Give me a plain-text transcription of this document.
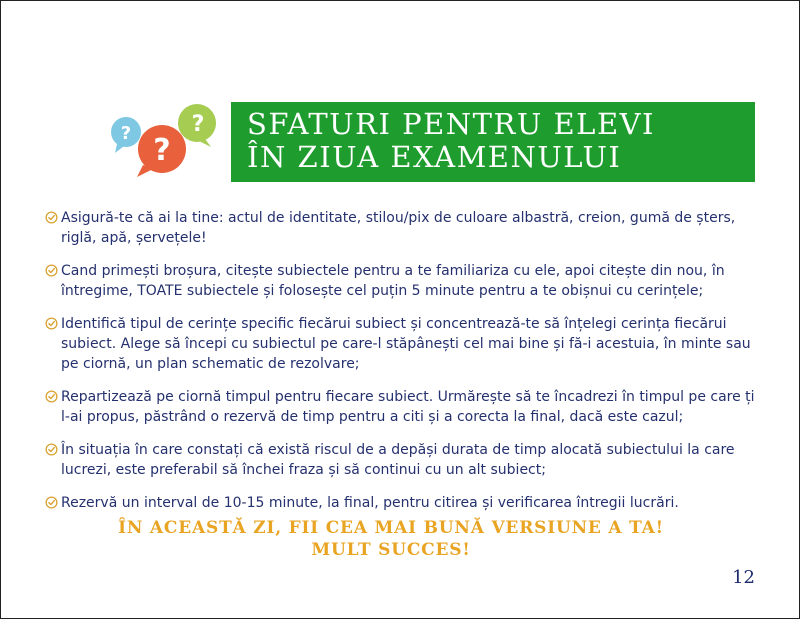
?	?
?
SFATURI PENTRU ELEVI
ÎN ZIUA EXAMENULUI
Asigură-te că ai la tine: actul de identitate, stilou/pix de culoare albastră, creion, gumă de șters, riglă, apă, șervețele!
Cand primești broșura, citește subiectele pentru a te familiariza cu ele, apoi citește din nou, în întregime, TOATE subiectele și folosește cel puțin 5 minute pentru a te obișnui cu cerințele;
Identifică tipul de cerințe specific fiecărui subiect și concentrează-te să înțelegi cerința fiecărui subiect. Alege să începi cu subiectul pe care-l stăpânești cel mai bine și fă-i acestuia, în minte sau pe ciornă, un plan schematic de rezolvare;
Repartizează pe ciornă timpul pentru fiecare subiect. Urmărește să te încadrezi în timpul pe care ți l-ai propus, păstrând o rezervă de timp pentru a citi și a corecta la final, dacă este cazul;
În situația în care constați că există riscul de a depăși durata de timp alocată subiectului la care lucrezi, este preferabil să închei fraza și să continui cu un alt subiect;
Rezervă un interval de 10-15 minute, la final, pentru citirea și verificarea întregii lucrări.
ÎN ACEASTĂ ZI, FII CEA MAI BUNĂ VERSIUNE A TA!
MULT SUCCES!
12
